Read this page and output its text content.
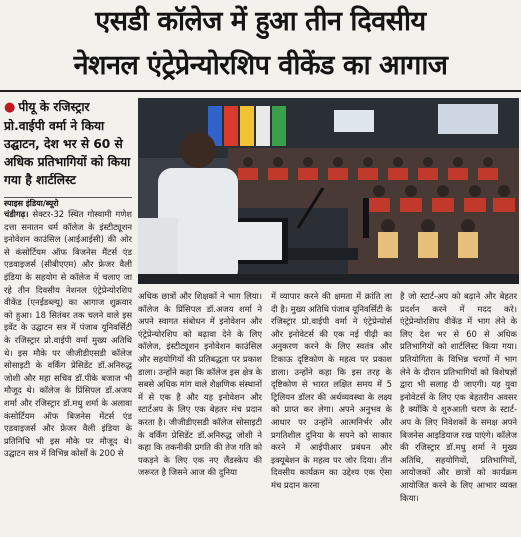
एसडी कॉलेज में हुआ तीन दिवसीय
नेशनल एंट्रेप्रेन्योरशिप वीकेंड का आगाज
● पीयू के रजिस्ट्रार प्रो.वाईपी वर्मा ने किया उद्घाटन, देश भर से 60 से अधिक प्रतिभागियों को किया गया है शार्टलिस्ट
स्पाइस इंडिया/ब्यूरो
चंडीगढ़। सेक्टर-32 स्थित गोस्वामी गणेश दत्ता सनातन धर्म कॉलेज के इंस्टीट्यूशन इनोवेशन काउंसिल (आईआईसी) की ओर से कंसोर्टियम ऑफ बिजनेस मैंटर्स एंड एडवाइजर्स (सीबीएएम) और फ्रेजर वैली इंडिया के सहयोग से कॉलेज में चलाए जा रहे तीन दिवसीय नेशनल एंट्रेप्रेन्योरशिप वीकेंड (एनईडब्ल्यू) का आगाज शुक्रवार को हुआ। 18 सितंबर तक चलने वाले इस इवेंट के उद्घाटन सत्र में पंजाब यूनिवर्सिटी के रजिस्ट्रार प्रो.वाईपी वर्मा मुख्य अतिथि थे। इस मौके पर जीजीडीएसडी कॉलेज सोसाइटी के वर्किंग प्रेसिडेंट डॉ.अनिरुद्ध जोशी और महा सचिव डॉ.पीके बजाज भी मौजूद थे। कॉलेज के प्रिंसिपल डॉ.अजय शर्मा और रजिस्ट्रार डॉ.मधु शर्मा के अलावा कंसोर्टियम ऑफ बिजनेस मेंटर्स एंड एडवाइजर्स और फ्रेजर वैली इंडिया के प्रतिनिधि भी इस मौके पर मौजूद थे। उद्घाटन सत्र में विभिन्न कोर्सों के 200 से
अधिक छात्रों और शिक्षकों ने भाग लिया। कॉलेज के प्रिंसिपल डॉ.अजय शर्मा ने अपने स्वागत संबोधन में इनोवेशन और एंट्रेप्रेन्योरशिप को बढ़ावा देने के लिए कॉलेज, इंस्टीट्यूशन इनोवेशन काउंसिल और सहयोगियों की प्रतिबद्धता पर प्रकाश डाला। उन्होंने कहा कि कॉलेज इस क्षेत्र के सबसे अधिक मांग वाले शैक्षणिक संस्थानों में से एक है और यह इनोवेशन और स्टार्टअप के लिए एक बेहतर मंच प्रदान करता है। जीजीडीएसडी कॉलेज सोसाइटी के वर्किंग प्रेसिडेंट डॉ.अनिरुद्ध जोशी ने कहा कि तकनीकी प्रगति की तेज गति को पकड़ने के लिए एक नए लैंडस्केप की जरूरत है जिसने आज की दुनिया
में व्यापार करने की क्षमता में क्रांति ला दी है। मुख्य अतिथि पंजाब यूनिवर्सिटी के रजिस्ट्रार प्रो.वाईपी वर्मा ने एंट्रेप्रेन्योर्स और इनोवेटर्स की एक नई पीढ़ी का अनुकरण करने के लिए स्वतंत्र और टिकाऊ दृष्टिकोण के महत्व पर प्रकाश डाला। उन्होंने कहा कि इस तरह के दृष्टिकोण से भारत लक्षित समय में 5 ट्रिलियन डॉलर की अर्थव्यवस्था के लक्ष्य को प्राप्त कर लेगा। अपने अनुभव के आधार पर उन्होंने आत्मनिर्भर और प्रगतिशील दुनिया के सपने को साकार करने में आईपीआर प्रबंधन और इक्यूबेशन के महत्व पर जोर दिया। तीन दिवसीय कार्यक्रम का उद्देश्य एक ऐसा मंच प्रदान करना
है जो स्टार्ट-अप को बढ़ाने और बेहतर प्रदर्शन करने में मदद करे। एंट्रेप्रेन्योरशिप वीकेंड में भाग लेने के लिए देश भर से 60 से अधिक प्रतिभागियों को शार्टलिस्ट किया गया। प्रतियोगिता के विभिन्न चरणों में भाग लेने के दौरान प्रतिभागियों को विशेषज्ञों द्वारा भी सलाह दी जाएगी। यह युवा इनोवेटर्स के लिए एक बेहतरीन अवसर है क्योंकि ये शुरुआती चरण के स्टार्ट-अप के लिए निवेशकों के समक्ष अपने बिजनेस आइडियाज रख पाएंगे। कॉलेज की रजिस्ट्रार डॉ.मधु शर्मा ने मुख्य अतिथि, सहयोगियों, प्रतिभागियों, आयोजकों और छात्रों को कार्यक्रम आयोजित करने के लिए आभार व्यक्त किया।
